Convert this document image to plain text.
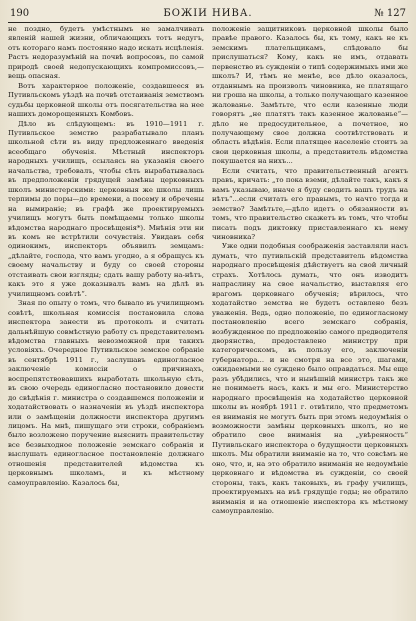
190	БОЖІИ НИВА.	№ 127

не поздно, будетъ умѣстнымъ не замалчивать явленій нашей жизни, обличающихъ тотъ недугъ, отъ котораго намъ постоянно надо искать исцѣленія. Растъ недоразумѣній на почвѣ вопросовъ, по самой природѣ своей недопускающихъ компромиссовъ,— вещь опасная.

Вотъ характерное положеніе, создавшееся въ Путивльскомъ уѣздѣ на почвѣ отстаиванія земствомъ судьбы церковной школы отъ посягательства на нее нашихъ доморощенныхъ Комбовъ.

Дѣло въ слѣдующемъ: въ 1910—1911 г. Путивльское земство разрабатывало планъ школьной сѣти въ виду предложеннаго введенія всеобщаго обученія. Мѣстный инспекторъ народныхъ училищъ, ссылаясь на указанія своего начальства, требовалъ, чтобы сѣть вырабатывалась въ предположеніи грядущей замѣны церковныхъ школъ министерскими: церковныя же школы лишь терпимы до поры—до времени, а посему и обречены на вымираніе; въ графѣ же проектируемыхъ училищъ могутъ быть помѣщаемы только школы вѣдомства народнаго просвѣщенія*). Мнѣнія эти ни въ комъ не встрѣтили сочувствія. Увидавъ себя одинокимъ, инспекторъ объявилъ земцамъ: „дѣлайте, господа, что вамъ угодно, а я обращусь къ своему начальству и буду со своей стороны отстаивать свои взгляды; сдать вашу работу на-нѣтъ, какъ это я уже доказывалъ вамъ на дѣлѣ въ училищномъ совѣтѣ“.

Зная по опыту о томъ, что бывало въ училищномъ совѣтѣ, школьная комиссія постановила слова инспектора занести въ протоколъ и считать дальнѣйшую совмѣстную работу съ представителемъ вѣдомства главныхъ невозможной при такихъ условіяхъ. Очередное Путивльское земское собраніе въ сентябрѣ 1911 г., заслушавъ единогласное заключеніе комиссіи о причинахъ, воспрепятствовавшихъ выработать школьную сѣть, въ свою очередь единогласно постановило довести до свѣдѣнія г. министра о создавшемся положеніи и ходатайствовать о назначеніи въ уѣздѣ инспектора или о замѣщеніи должности инспектора другимъ лицомъ. На мнѣ, пишущаго эти строки, собраніемъ было возложено поручение выяснить правительству все безвыходное положеніе земскаго собранія и выслушать единогласное постановленіе должнаго отношенія представителей вѣдомства къ церковнымъ школамъ, и къ мѣстному самоуправленію. Казалось бы,

положеніе защитниковъ церковной школы было правѣе правого. Казалось бы, къ тому, какъ не къ земскимъ плательщикамъ, слѣдовало бы прислушаться? Кому, какъ не имъ, отдавать первенство въ сужденіи о типѣ содержимыхъ ими же школъ? И, тѣмъ не менѣе, все дѣло оказалось, отданнымъ на произволъ чиновника, не платящаго ни грошa на школы, а только получающаго казенное жалованье. Замѣтьте, что если казенные люди говорятъ „не платятъ такъ казенное жалованье“—дѣло не предосудительное, а почетное, но получающему свое должна соотвѣтствовать и область вѣдѣнія. Если платящее населеніе стоитъ за свои церковныя школы, а представитель вѣдомства покушается на нихъ...

Если считать, что правительственный агентъ правъ, кричать: „то пока вземи, дѣлайте такъ, какъ я вамъ указываю, иначе я буду сводить вашъ трудъ на нѣтъ“...если считать его правымъ, то начто тогда и земство? Замѣтьте,—дѣло идетъ о обязанности въ томъ, что правительство скажетъ въ томъ, что чтобы писать подъ диктовку приставленнаго къ нему чиновника?

Уже одни подобныя соображенія заставляли насъ думать, что путивльскій представитель вѣдомства народнаго просвѣщенія дѣйствуетъ на свой личный страхъ. Хотѣлось думать, что онъ изводитъ напраслину на свое начальство, выставляя его врагомъ церковнаго обученія; вѣрилось, что ходатайство земства не будетъ оставлено безъ уваженія. Ведь, одно положеніе, по единогласному постановленію всего земскаго собранія, возбужденное по предложенію самого предводителя дворянства, предоставлено министру при категорическомъ, въ пользу его, заключеніи губернатора... и не смотря на все это, шагами, ожидаемыми не суждено было оправдаться. Мы еще разъ убѣдились, что и нынѣшній министръ такъ же не понимаетъ насъ, какъ и мы его. Министерство народнаго просвѣщенія на ходатайство церковной школы въ ноябрѣ 1911 г. отвѣтило, что предметомъ ея вниманія не могутъ быть при этомъ недоумѣнія о возможности замѣны церковныхъ школъ, но не обратило свое вниманія на „увѣренность“ Путивльскаго инспектора о будущности церковныхъ школъ. Мы обратили вниманіе на то, что совсѣмъ не оно, что, и, на это обратило вниманія не недоумѣніе церковнаго и вѣдомства въ сужденіи, со своей стороны, такъ, какъ таковыхъ, въ графу училищъ, проектируемыхъ на въѣ грядущіе годы; не обратило вниманія и на отношеніе инспектора къ мѣстному самоуправленію.
